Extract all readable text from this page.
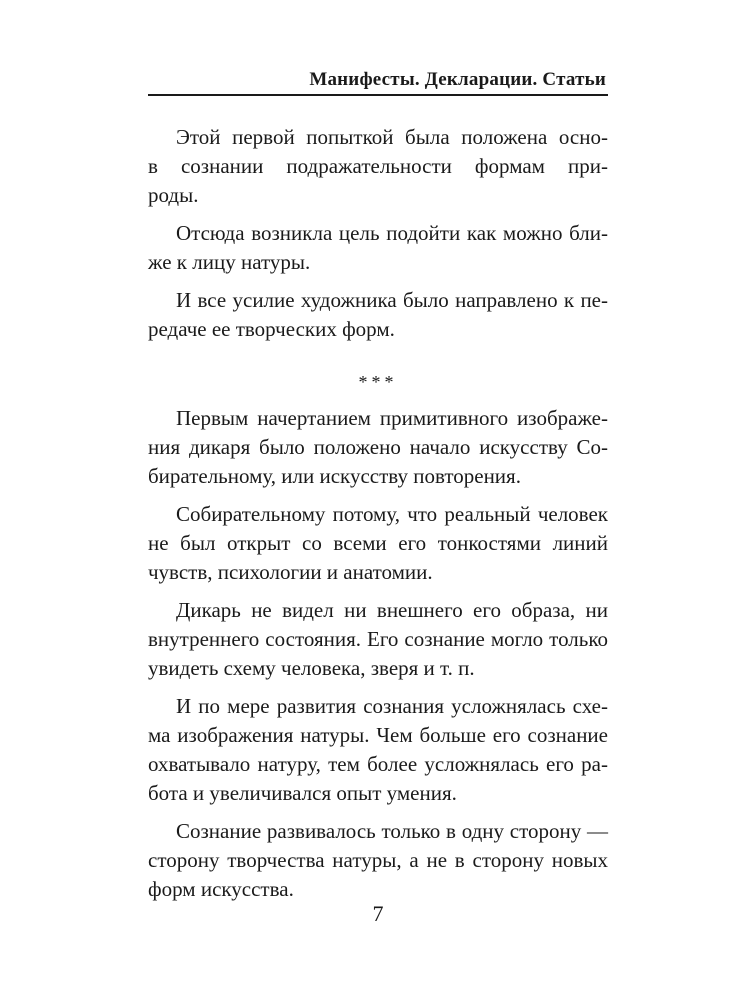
Манифесты. Декларации. Статьи
Этой первой попыткой была положена осно-
в сознании подражательности формам при-
роды.
Отсюда возникла цель подойти как можно бли-
же к лицу натуры.
И все усилие художника было направлено к пе-
редаче ее творческих форм.
***
Первым начертанием примитивного изображе-
ния дикаря было положено начало искусству Со-
бирательному, или искусству повторения.
Собирательному потому, что реальный человек
не был открыт со всеми его тонкостями линий
чувств, психологии и анатомии.
Дикарь не видел ни внешнего его образа, ни
внутреннего состояния. Его сознание могло только
увидеть схему человека, зверя и т. п.
И по мере развития сознания усложнялась схе-
ма изображения натуры. Чем больше его сознание
охватывало натуру, тем более усложнялась его ра-
бота и увеличивался опыт умения.
Сознание развивалось только в одну сторону —
сторону творчества натуры, а не в сторону новых
форм искусства.
7
